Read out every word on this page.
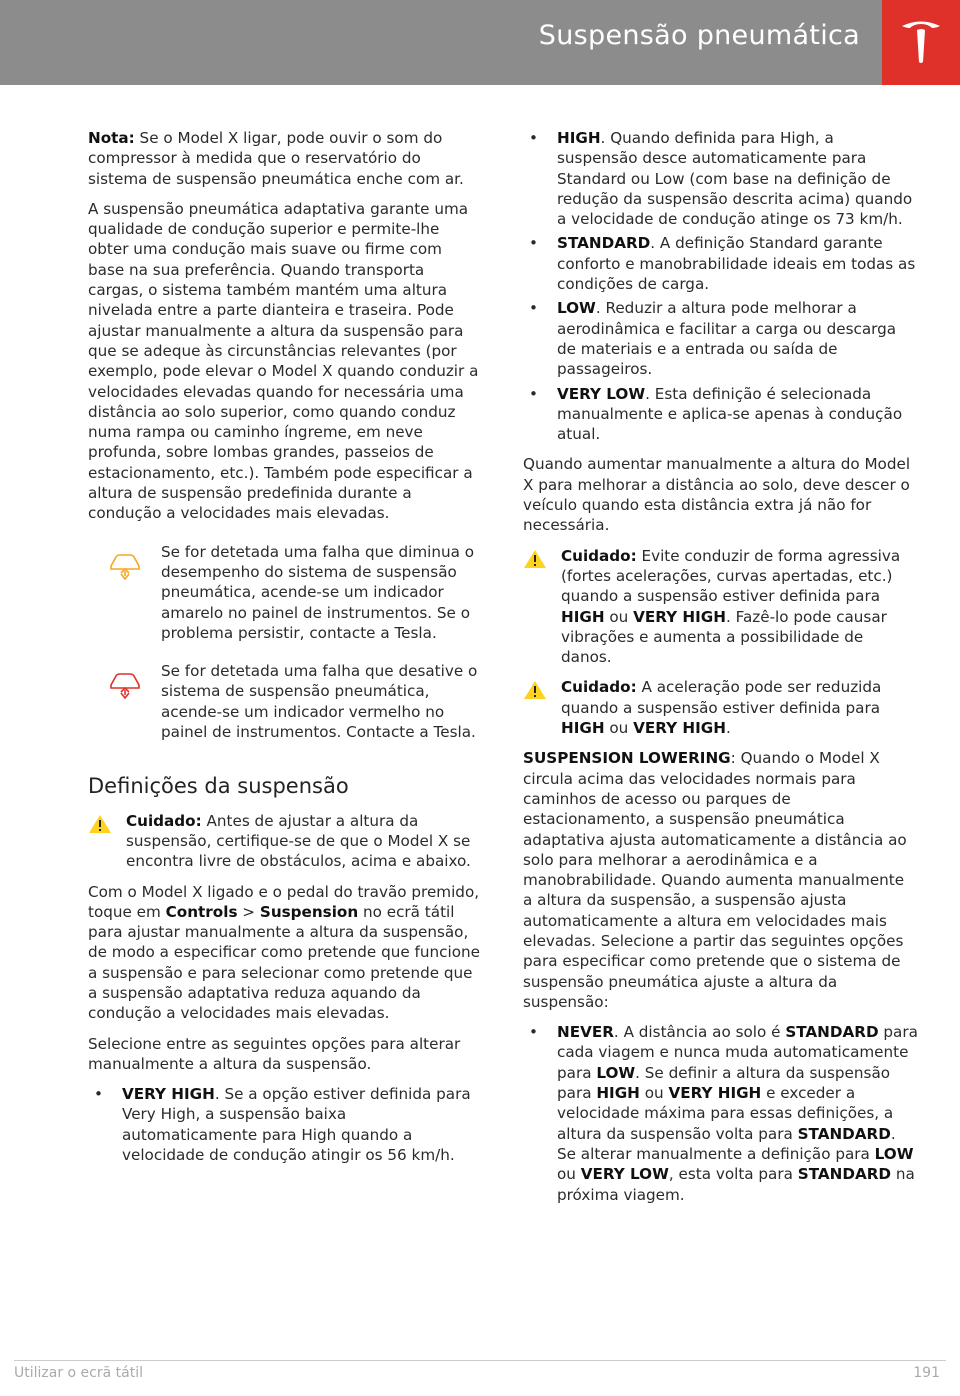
Suspensão pneumática

Nota: Se o Model X ligar, pode ouvir o som do compressor à medida que o reservatório do sistema de suspensão pneumática enche com ar.

A suspensão pneumática adaptativa garante uma qualidade de condução superior e permite-lhe obter uma condução mais suave ou firme com base na sua preferência. Quando transporta cargas, o sistema também mantém uma altura nivelada entre a parte dianteira e traseira. Pode ajustar manualmente a altura da suspensão para que se adeque às circunstâncias relevantes (por exemplo, pode elevar o Model X quando conduzir a velocidades elevadas quando for necessária uma distância ao solo superior, como quando conduz numa rampa ou caminho íngreme, em neve profunda, sobre lombas grandes, passeios de estacionamento, etc.). Também pode especificar a altura de suspensão predefinida durante a condução a velocidades mais elevadas.

Se for detetada uma falha que diminua o desempenho do sistema de suspensão pneumática, acende-se um indicador amarelo no painel de instrumentos. Se o problema persistir, contacte a Tesla.
Se for detetada uma falha que desative o sistema de suspensão pneumática, acende-se um indicador vermelho no painel de instrumentos. Contacte a Tesla.
Definições da suspensão
Cuidado: Antes de ajustar a altura da suspensão, certifique-se de que o Model X se encontra livre de obstáculos, acima e abaixo.

Com o Model X ligado e o pedal do travão premido, toque em Controls > Suspension no ecrã tátil para ajustar manualmente a altura da suspensão, de modo a especificar como pretende que funcione a suspensão e para selecionar como pretende que a suspensão adaptativa reduza aquando da condução a velocidades mais elevadas.

Selecione entre as seguintes opções para alterar manualmente a altura da suspensão.

• VERY HIGH. Se a opção estiver definida para Very High, a suspensão baixa automaticamente para High quando a velocidade de condução atingir os 56 km/h.
• HIGH. Quando definida para High, a suspensão desce automaticamente para Standard ou Low (com base na definição de redução da suspensão descrita acima) quando a velocidade de condução atinge os 73 km/h.
• STANDARD. A definição Standard garante conforto e manobrabilidade ideais em todas as condições de carga.
• LOW. Reduzir a altura pode melhorar a aerodinâmica e facilitar a carga ou descarga de materiais e a entrada ou saída de passageiros.
• VERY LOW. Esta definição é selecionada manualmente e aplica-se apenas à condução atual.

Quando aumentar manualmente a altura do Model X para melhorar a distância ao solo, deve descer o veículo quando esta distância extra já não for necessária.

Cuidado: Evite conduzir de forma agressiva (fortes acelerações, curvas apertadas, etc.) quando a suspensão estiver definida para HIGH ou VERY HIGH. Fazê-lo pode causar vibrações e aumenta a possibilidade de danos.
Cuidado: A aceleração pode ser reduzida quando a suspensão estiver definida para HIGH ou VERY HIGH.

SUSPENSION LOWERING: Quando o Model X circula acima das velocidades normais para caminhos de acesso ou parques de estacionamento, a suspensão pneumática adaptativa ajusta automaticamente a distância ao solo para melhorar a aerodinâmica e a manobrabilidade. Quando aumenta manualmente a altura da suspensão, a suspensão ajusta automaticamente a altura em velocidades mais elevadas. Selecione a partir das seguintes opções para especificar como pretende que o sistema de suspensão pneumática ajuste a altura da suspensão:

• NEVER. A distância ao solo é STANDARD para cada viagem e nunca muda automaticamente para LOW. Se definir a altura da suspensão para HIGH ou VERY HIGH e exceder a velocidade máxima para essas definições, a altura da suspensão volta para STANDARD. Se alterar manualmente a definição para LOW ou VERY LOW, esta volta para STANDARD na próxima viagem.
Utilizar o ecrã tátil	191
